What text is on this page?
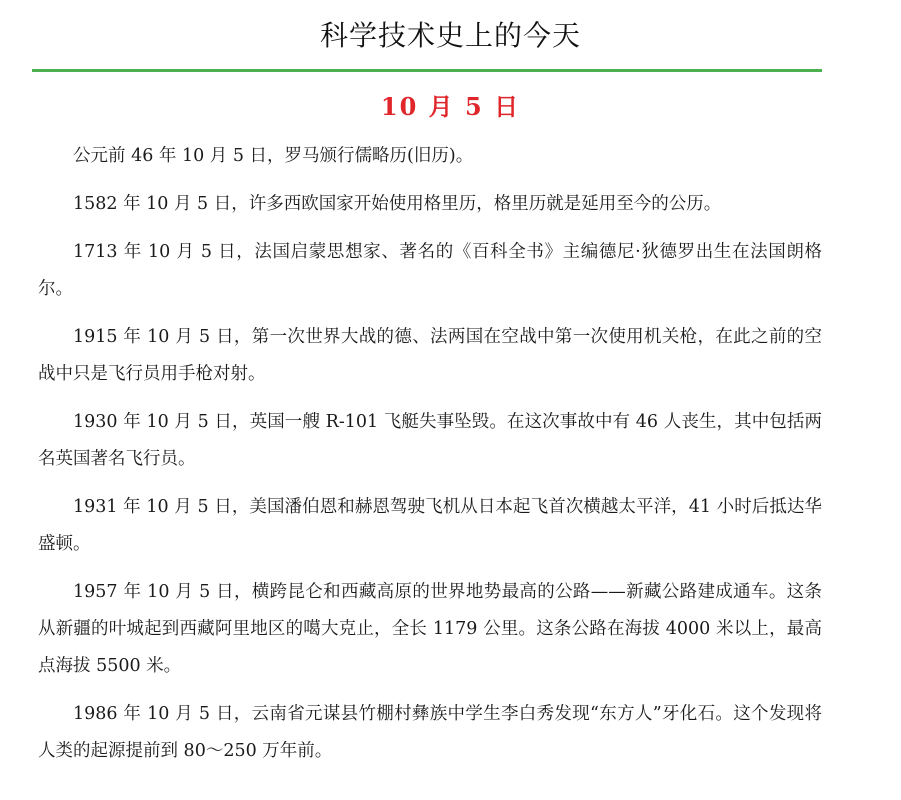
科学技术史上的今天
10 月 5 日

公元前 46 年 10 月 5 日，罗马颁行儒略历(旧历)。

1582 年 10 月 5 日，许多西欧国家开始使用格里历，格里历就是延用至今的公历。

1713 年 10 月 5 日，法国启蒙思想家、著名的《百科全书》主编德尼·狄德罗出生在法国朗格尔。

1915 年 10 月 5 日，第一次世界大战的德、法两国在空战中第一次使用机关枪，在此之前的空战中只是飞行员用手枪对射。

1930 年 10 月 5 日，英国一艘 R-101 飞艇失事坠毁。在这次事故中有 46 人丧生，其中包括两名英国著名飞行员。

1931 年 10 月 5 日，美国潘伯恩和赫恩驾驶飞机从日本起飞首次横越太平洋，41 小时后抵达华盛顿。

1957 年 10 月 5 日，横跨昆仑和西藏高原的世界地势最高的公路——新藏公路建成通车。这条从新疆的叶城起到西藏阿里地区的噶大克止，全长 1179 公里。这条公路在海拔 4000 米以上，最高点海拔 5500 米。

1986 年 10 月 5 日，云南省元谋县竹棚村彝族中学生李白秀发现“东方人”牙化石。这个发现将人类的起源提前到 80～250 万年前。
